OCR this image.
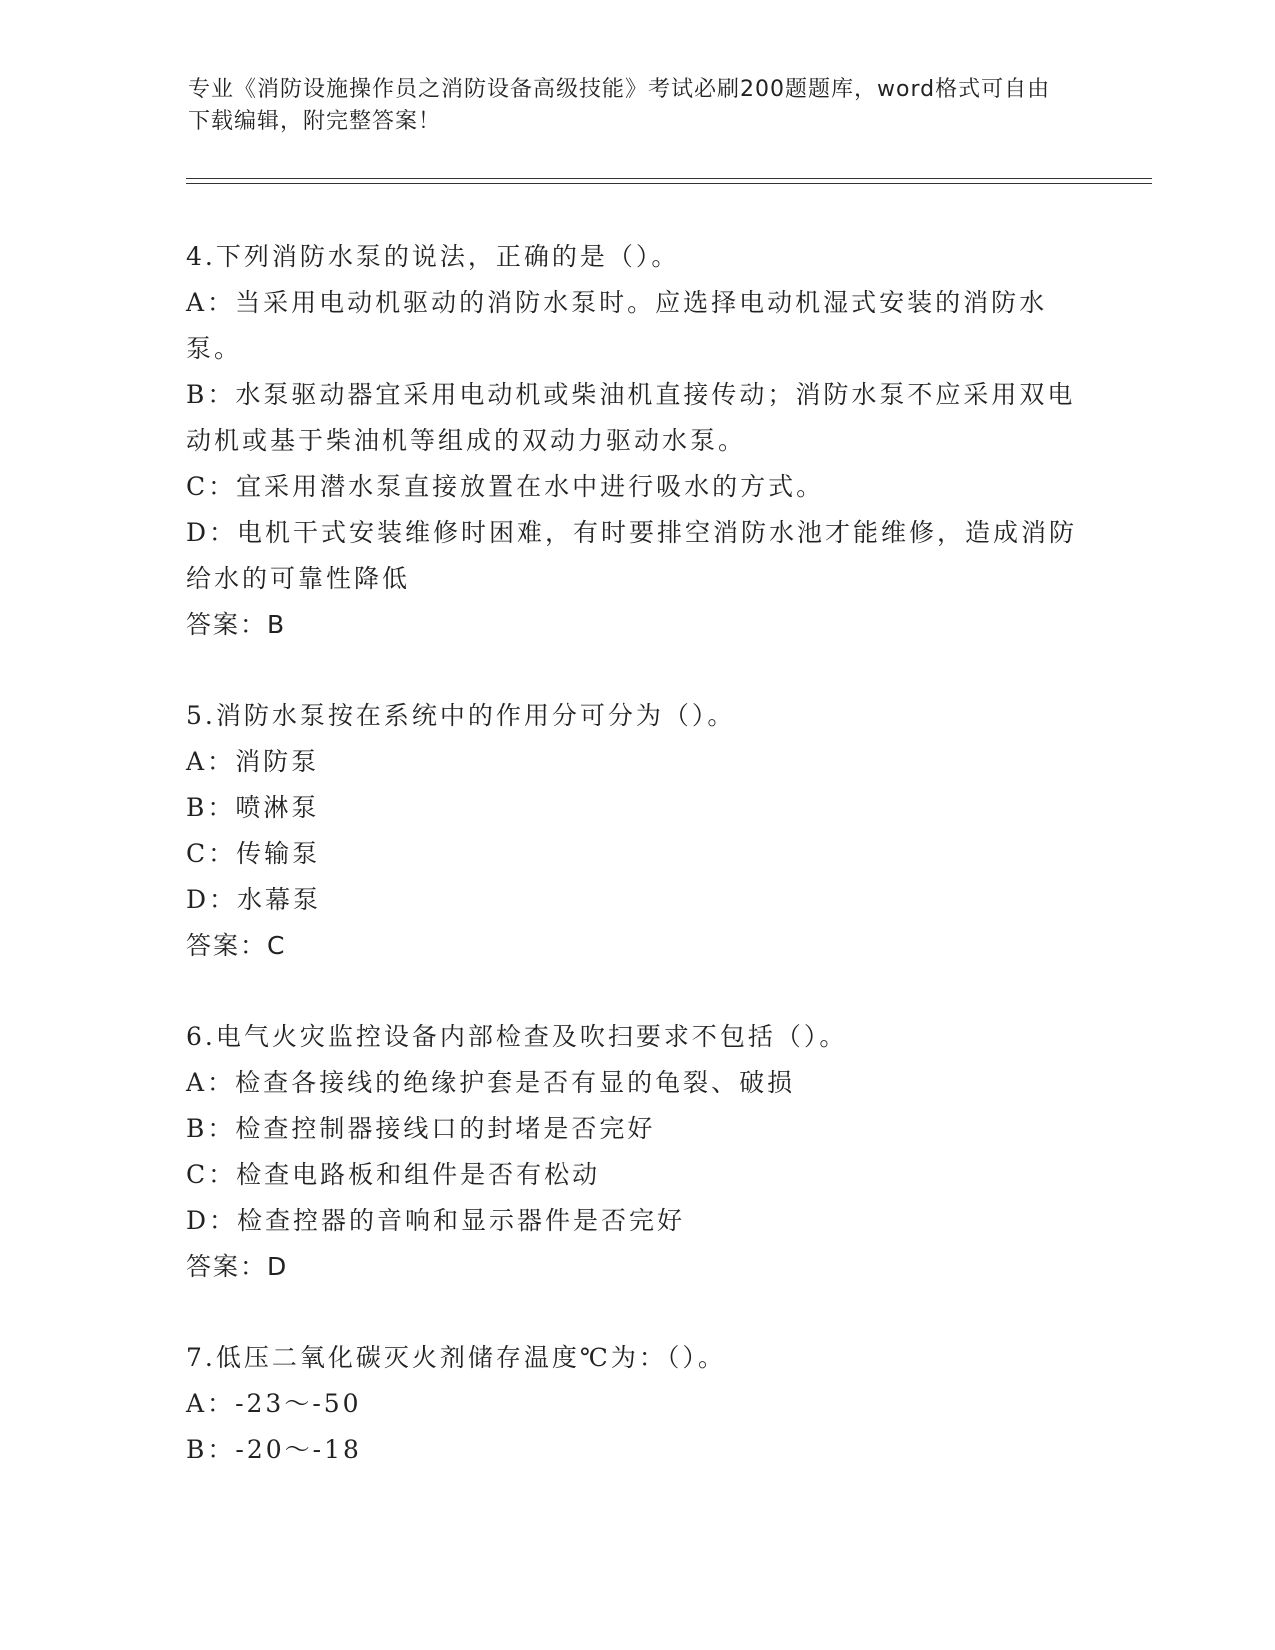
专业《消防设施操作员之消防设备高级技能》考试必刷200题题库，word格式可自由下载编辑，附完整答案！

4.下列消防水泵的说法，正确的是（）。

A：当采用电动机驱动的消防水泵时。应选择电动机湿式安装的消防水泵。

B：水泵驱动器宜采用电动机或柴油机直接传动；消防水泵不应采用双电动机或基于柴油机等组成的双动力驱动水泵。

C：宜采用潜水泵直接放置在水中进行吸水的方式。

D：电机干式安装维修时困难，有时要排空消防水池才能维修，造成消防给水的可靠性降低

答案：B

5.消防水泵按在系统中的作用分可分为（）。

A：消防泵

B：喷淋泵

C：传输泵

D：水幕泵

答案：C

6.电气火灾监控设备内部检查及吹扫要求不包括（）。

A：检查各接线的绝缘护套是否有显的龟裂、破损

B：检查控制器接线口的封堵是否完好

C：检查电路板和组件是否有松动

D：检查控器的音响和显示器件是否完好

答案：D

7.低压二氧化碳灭火剂储存温度℃为：（）。

A：-23～-50

B：-20～-18
